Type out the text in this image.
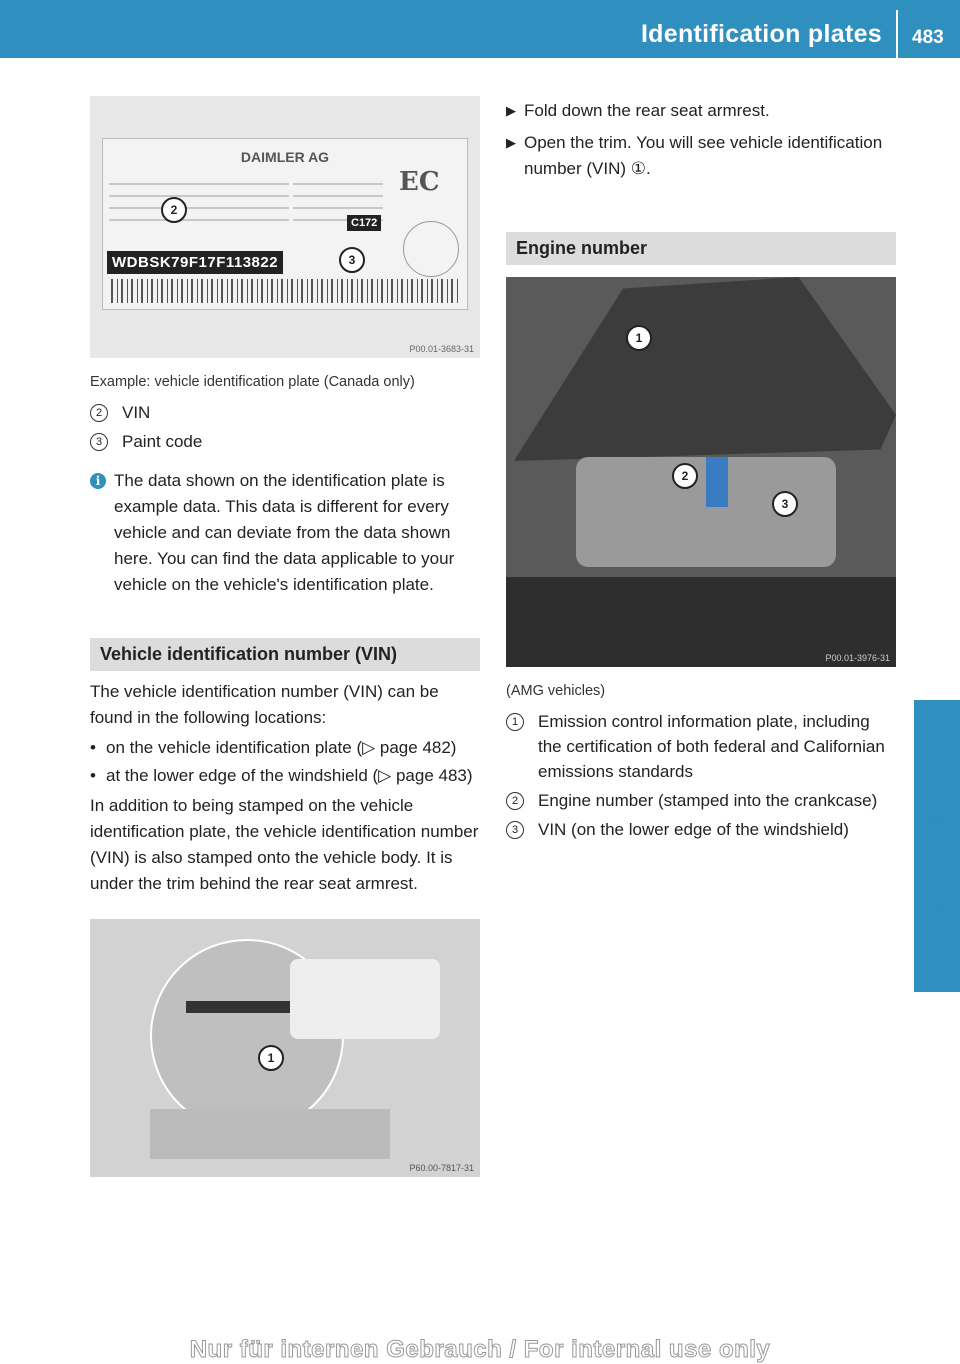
Identification plates 483
Technical data
DAIMLER AG
EC
C172
WDBSK79F17F113822
2
3
P00.01-3683-31
Example: vehicle identification plate (Canada only)
2	VIN
3	Paint code
i The data shown on the identification plate is example data. This data is different for every vehicle and can deviate from the data shown here. You can find the data applicable to your vehicle on the vehicle's identification plate.
Vehicle identification number (VIN)
The vehicle identification number (VIN) can be found in the following locations:
• on the vehicle identification plate (▷ page 482)
• at the lower edge of the windshield (▷ page 483)
In addition to being stamped on the vehicle identification plate, the vehicle identification number (VIN) is also stamped onto the vehicle body. It is under the trim behind the rear seat armrest.
1
P60.00-7817-31
▶ Fold down the rear seat armrest.
▶ Open the trim. You will see vehicle identification number (VIN) ①.
Engine number
1
2
3
P00.01-3976-31
(AMG vehicles)
1	Emission control information plate, including the certification of both federal and Californian emissions standards
2	Engine number (stamped into the crankcase)
3	VIN (on the lower edge of the windshield)
Nur für internen Gebrauch / For internal use only
